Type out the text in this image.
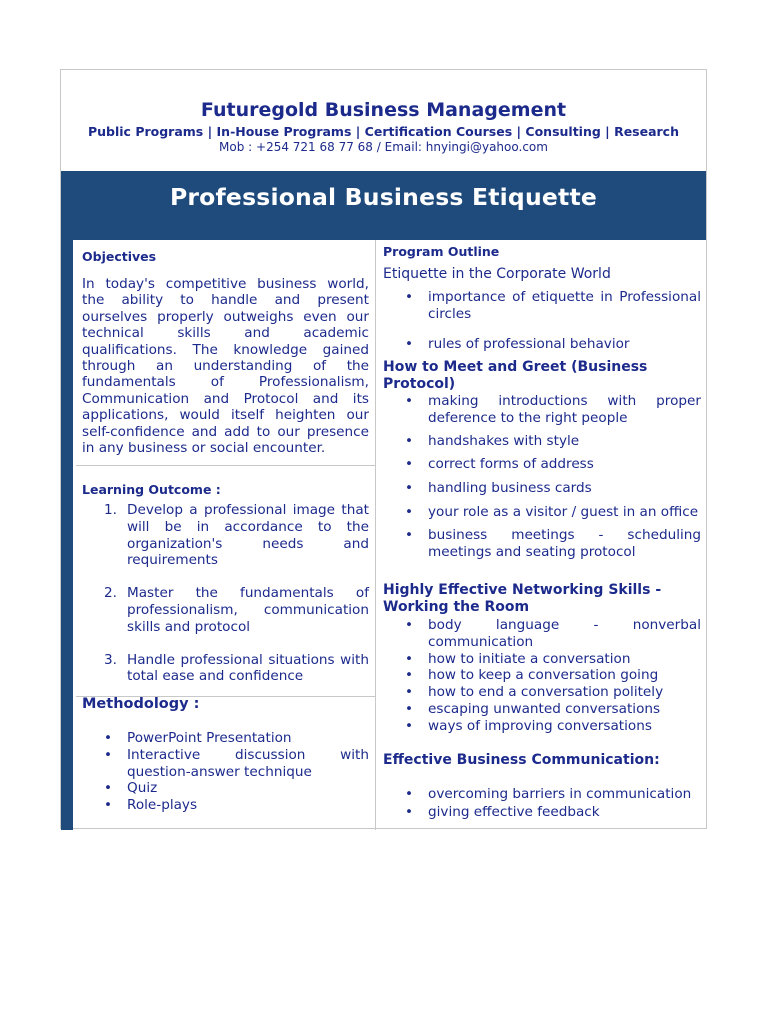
Futuregold Business Management
Public Programs | In-House Programs | Certification Courses | Consulting | Research
Mob : +254 721 68 77 68 / Email: hnyingi@yahoo.com
Professional Business Etiquette
Objectives
In today's competitive business world, the ability to handle and present ourselves properly outweighs even our technical skills and academic qualifications. The knowledge gained through an understanding of the fundamentals of Professionalism, Communication and Protocol and its applications, would itself heighten our self-confidence and add to our presence in any business or social encounter.
Learning Outcome :
1. Develop a professional image that will be in accordance to the organization's needs and requirements
2. Master the fundamentals of professionalism, communication skills and protocol
3. Handle professional situations with total ease and confidence
Methodology :
• PowerPoint Presentation
• Interactive discussion with question-answer technique
• Quiz
• Role-plays
Program Outline
Etiquette in the Corporate World
• importance of etiquette in Professional circles
• rules of professional behavior
How to Meet and Greet (Business Protocol)
• making introductions with proper deference to the right people
• handshakes with style
• correct forms of address
• handling business cards
• your role as a visitor / guest in an office
• business meetings - scheduling meetings and seating protocol
Highly Effective Networking Skills - Working the Room
• body language - nonverbal communication
• how to initiate a conversation
• how to keep a conversation going
• how to end a conversation politely
• escaping unwanted conversations
• ways of improving conversations
Effective Business Communication:
• overcoming barriers in communication
• giving effective feedback
